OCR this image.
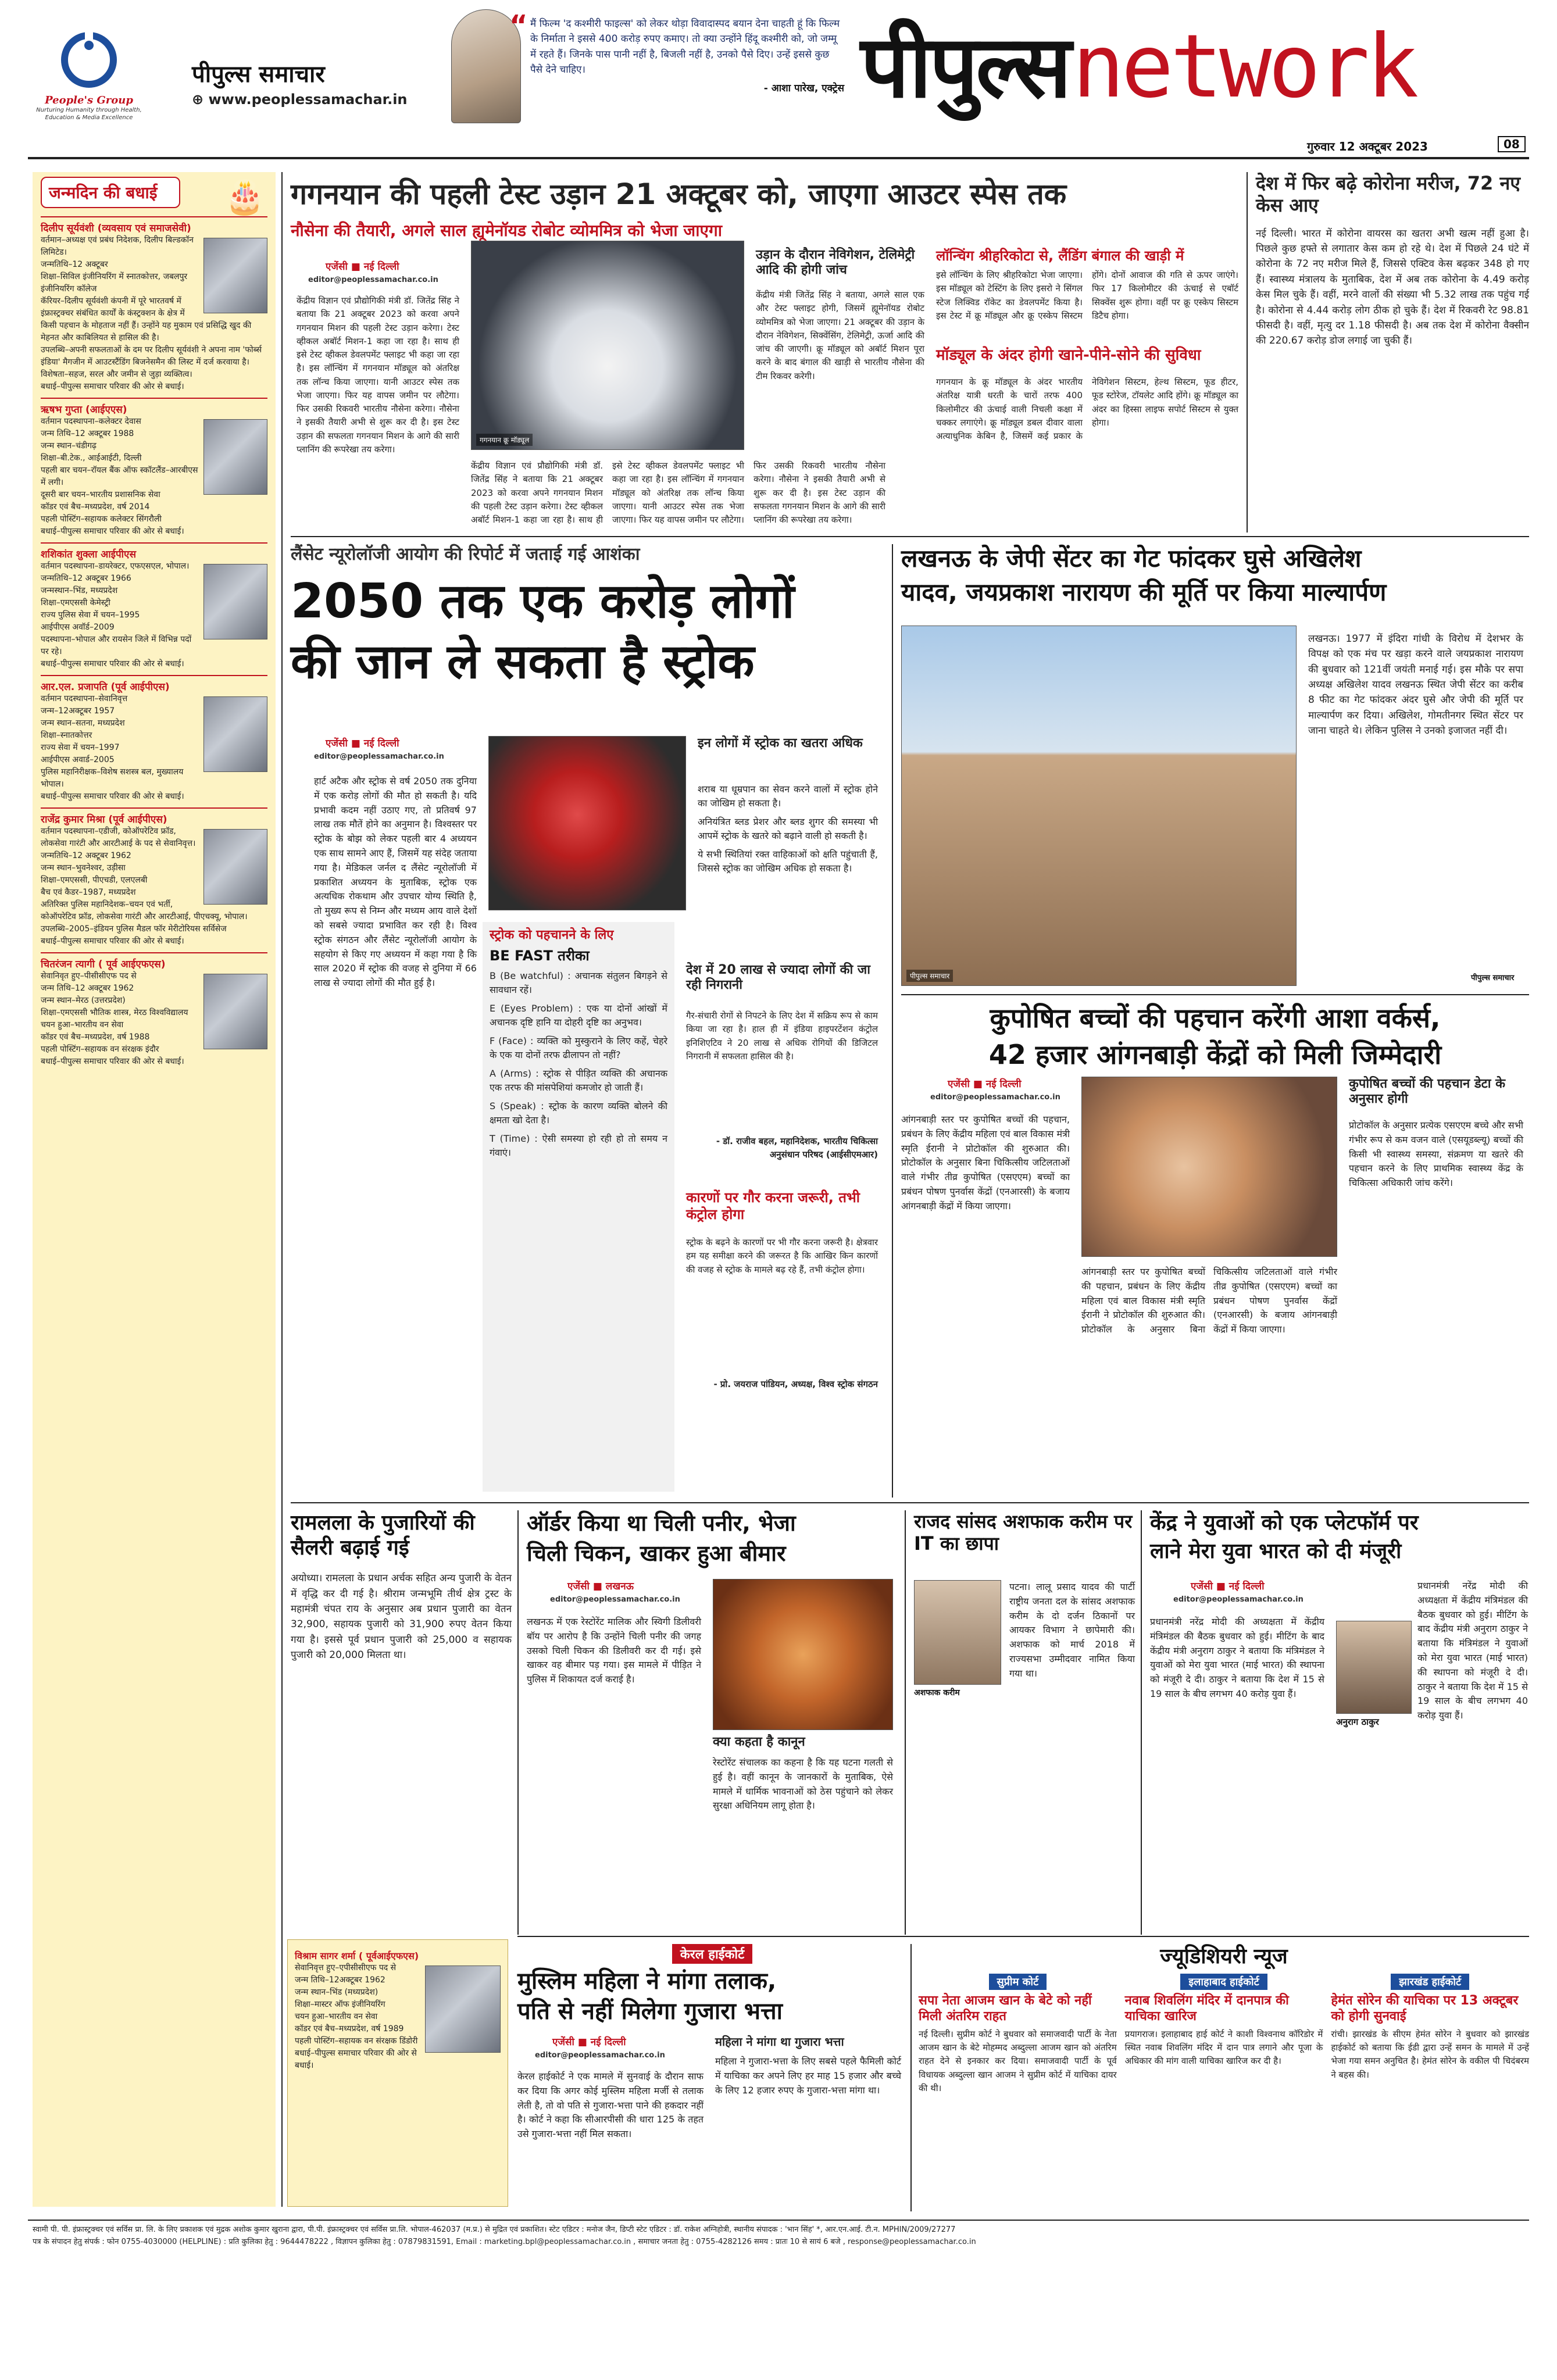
People's Group
Nurturing Humanity through Health, Education & Media Excellence
पीपुल्स समाचार
⊕ www.peoplessamachar.in
“ मैं फिल्म 'द कश्मीरी फाइल्स' को लेकर थोड़ा विवादास्पद बयान देना चाहती हूं कि फिल्म के निर्माता ने इससे 400 करोड़ रुपए कमाए। तो क्या उन्होंने हिंदू कश्मीरी को, जो जम्मू में रहते हैं। जिनके पास पानी नहीं है, बिजली नहीं है, उनको पैसे दिए। उन्हें इससे कुछ पैसे देने चाहिए।
- आशा पारेख, एक्ट्रेस पीपुल्स network
गुरुवार 12 अक्टूबर 2023	08
जन्मदिन की बधाई	🎂
दिलीप सूर्यवंशी (व्यवसाय एवं समाजसेवी)
वर्तमान–अध्यक्ष एवं प्रबंध निदेशक, दिलीप बिल्डकॉन लिमिटेड।
जन्मतिथि–12 अक्टूबर
शिक्षा–सिविल इंजीनियरिंग में स्नातकोत्तर, जबलपुर इंजीनियरिंग कॉलेज
कॅरियर–दिलीप सूर्यवंशी कंपनी में पूरे भारतवर्ष में इंफ्रास्ट्रक्चर संबंधित कार्यों के कंस्ट्रक्शन के क्षेत्र में किसी पहचान के मोहताज नहीं हैं। उन्होंने यह मुकाम एवं प्रसिद्धि खुद की मेहनत और काबिलियत से हासिल की है।
उपलब्धि–अपनी सफलताओं के दम पर दिलीप सूर्यवंशी ने अपना नाम 'फोर्ब्स इंडिया' मैगजीन में आउटस्टैंडिंग बिजनेसमैन की लिस्ट में दर्ज करवाया है।
विशेषता–सहज, सरल और जमीन से जुड़ा व्यक्तित्व।
बधाई–पीपुल्स समाचार परिवार की ओर से बधाई।
ऋषभ गुप्ता (आईएएस)
वर्तमान पदस्थापना–कलेक्टर देवास
जन्म तिथि–12 अक्टूबर 1988
जन्म स्थान–चंडीगढ़
शिक्षा–बी.टेक., आईआईटी, दिल्ली
पहली बार चयन–रॉयल बैंक ऑफ स्कॉटलैंड–आरबीएस में लगी।
दूसरी बार चयन–भारतीय प्रशासनिक सेवा
कॉडर एवं बैच–मध्यप्रदेश, वर्ष 2014
पहली पोस्टिंग–सहायक कलेक्टर सिंगरौली
बधाई–पीपुल्स समाचार परिवार की ओर से बधाई।
शशिकांत शुक्ला आईपीएस
वर्तमान पदस्थापना–डायरेक्टर, एफएसएल, भोपाल।
जन्मतिथि–12 अक्टूबर 1966
जन्मस्थान–भिंड, मध्यप्रदेश
शिक्षा–एमएससी केमेस्ट्री
राज्य पुलिस सेवा में चयन–1995
आईपीएस अवॉर्ड–2009
पदस्थापना–भोपाल और रायसेन जिले में विभिन्न पदों पर रहे।
बधाई–पीपुल्स समाचार परिवार की ओर से बधाई।
आर.एल. प्रजापति (पूर्व आईपीएस)
वर्तमान पदस्थापना–सेवानिवृत्त
जन्म–12अक्टूबर 1957
जन्म स्थान–सतना, मध्यप्रदेश
शिक्षा–स्नातकोत्तर
राज्य सेवा में चयन–1997
आईपीएस अवार्ड–2005
पुलिस महानिरीक्षक–विशेष सशस्त्र बल, मुख्यालय भोपाल।
बधाई–पीपुल्स समाचार परिवार की ओर से बधाई।
राजेंद्र कुमार मिश्रा (पूर्व आईपीएस)
वर्तमान पदस्थापना–एडीजी, कोऑपरेटिव फ्रॉड, लोकसेवा गारंटी और आरटीआई के पद से सेवानिवृत्त।
जन्मतिथि–12 अक्टूबर 1962
जन्म स्थान–भुवनेश्वर, उड़ीसा
शिक्षा–एमएससी, पीएचडी, एलएलबी
बैच एवं कैडर–1987, मध्यप्रदेश
अतिरिक्त पुलिस महानिदेशक–चयन एवं भर्ती, कोऑपरेटिव फ्रॉड, लोकसेवा गारंटी और आरटीआई, पीएचक्यू, भोपाल।
उपलब्धि–2005–इंडियन पुलिस मैडल फॉर मेरीटोरियस सर्विसेज
बधाई–पीपुल्स समाचार परिवार की ओर से बधाई।
चितरंजन त्यागी ( पूर्व आईएफएस)
सेवानिवृत हुए–पीसीसीएफ पद से
जन्म तिथि–12 अक्टूबर 1962
जन्म स्थान–मेरठ (उत्तरप्रदेश)
शिक्षा–एमएससी भौतिक शास्त्र, मेरठ विश्वविद्यालय
चयन हुआ–भारतीय वन सेवा
कॉडर एवं बैच–मध्यप्रदेश, वर्ष 1988
पहली पोस्टिंग–सहायक वन संरक्षक इंदौर
बधाई–पीपुल्स समाचार परिवार की ओर से बधाई।
विश्राम सागर शर्मा ( पूर्वआईएफएस)
सेवानिवृत्त हुए–एपीसीसीएफ पद से
जन्म तिथि–12अक्टूबर 1962
जन्म स्थान–भिंड (मध्यप्रदेश)
शिक्षा–मास्टर ऑफ इंजीनियरिंग
चयन हुआ–भारतीय वन सेवा
कॉडर एवं बैच–मध्यप्रदेश, वर्ष 1989
पहली पोस्टिंग–सहायक वन संरक्षक डिंडोरी
बधाई–पीपुल्स समाचार परिवार की ओर से बधाई।
गगनयान की पहली टेस्ट उड़ान 21 अक्टूबर को, जाएगा आउटर स्पेस तक
नौसेना की तैयारी, अगले साल ह्यूमेनॉयड रोबोट व्योममित्र को भेजा जाएगा
एजेंसी ■ नई दिल्ली
editor@peoplessamachar.co.in
केंद्रीय विज्ञान एवं प्रौद्योगिकी मंत्री डॉ. जितेंद्र सिंह ने बताया कि 21 अक्टूबर 2023 को करवा अपने गगनयान मिशन की पहली टेस्ट उड़ान करेगा। टेस्ट व्हीकल अबॉर्ट मिशन-1 कहा जा रहा है। साथ ही इसे टेस्ट व्हीकल डेवलपमेंट फ्लाइट भी कहा जा रहा है। इस लॉन्चिंग में गगनयान मॉड्यूल को अंतरिक्ष तक लॉन्च किया जाएगा। यानी आउटर स्पेस तक भेजा जाएगा। फिर यह वापस जमीन पर लौटेगा। फिर उसकी रिकवरी भारतीय नौसेना करेगा। नौसेना ने इसकी तैयारी अभी से शुरू कर दी है। इस टेस्ट उड़ान की सफलता गगनयान मिशन के आगे की सारी प्लानिंग की रूपरेखा तय करेगा।
गगनयान क्रू मॉड्यूल
केंद्रीय विज्ञान एवं प्रौद्योगिकी मंत्री डॉ. जितेंद्र सिंह ने बताया कि 21 अक्टूबर 2023 को करवा अपने गगनयान मिशन की पहली टेस्ट उड़ान करेगा। टेस्ट व्हीकल अबॉर्ट मिशन-1 कहा जा रहा है। साथ ही इसे टेस्ट व्हीकल डेवलपमेंट फ्लाइट भी कहा जा रहा है। इस लॉन्चिंग में गगनयान मॉड्यूल को अंतरिक्ष तक लॉन्च किया जाएगा। यानी आउटर स्पेस तक भेजा जाएगा। फिर यह वापस जमीन पर लौटेगा। फिर उसकी रिकवरी भारतीय नौसेना करेगा। नौसेना ने इसकी तैयारी अभी से शुरू कर दी है। इस टेस्ट उड़ान की सफलता गगनयान मिशन के आगे की सारी प्लानिंग की रूपरेखा तय करेगा।
उड़ान के दौरान नेविगेशन, टेलिमेट्री आदि की होगी जांच
केंद्रीय मंत्री जितेंद्र सिंह ने बताया, अगले साल एक और टेस्ट फ्लाइट होगी, जिसमें ह्यूमेनॉयड रोबोट व्योममित्र को भेजा जाएगा। 21 अक्टूबर की उड़ान के दौरान नेविगेशन, सिक्वेंसिंग, टेलिमेट्री, ऊर्जा आदि की जांच की जाएगी। क्रू मॉड्यूल को अबॉर्ट मिशन पूरा करने के बाद बंगाल की खाड़ी से भारतीय नौसेना की टीम रिकवर करेगी।
लॉन्चिंग श्रीहरिकोटा से, लैंडिंग बंगाल की खाड़ी में
इसे लॉन्चिंग के लिए श्रीहरिकोटा भेजा जाएगा। इस मॉड्यूल को टेस्टिंग के लिए इसरो ने सिंगल स्टेज लिक्विड रॉकेट का डेवलपमेंट किया है। इस टेस्ट में क्रू मॉड्यूल और क्रू एस्केप सिस्टम होंगे। दोनों आवाज की गति से ऊपर जाएंगे। फिर 17 किलोमीटर की ऊंचाई से एबॉर्ट सिक्वेंस शुरू होगा। वहीं पर क्रू एस्केप सिस्टम डिटैच होगा।
मॉड्यूल के अंदर होगी खाने-पीने-सोने की सुविधा
गगनयान के क्रू मॉड्यूल के अंदर भारतीय अंतरिक्ष यात्री धरती के चारों तरफ 400 किलोमीटर की ऊंचाई वाली निचली कक्षा में चक्कर लगाएंगे। क्रू मॉड्यूल डबल दीवार वाला अत्याधुनिक केबिन है, जिसमें कई प्रकार के नेविगेशन सिस्टम, हेल्थ सिस्टम, फूड हीटर, फूड स्टोरेज, टॉयलेट आदि होंगे। क्रू मॉड्यूल का अंदर का हिस्सा लाइफ सपोर्ट सिस्टम से युक्त होगा।
देश में फिर बढ़े कोरोना मरीज, 72 नए केस आए
नई दिल्ली। भारत में कोरोना वायरस का खतरा अभी खत्म नहीं हुआ है। पिछले कुछ हफ्ते से लगातार केस कम हो रहे थे। देश में पिछले 24 घंटे में कोरोना के 72 नए मरीज मिले हैं, जिससे एक्टिव केस बढ़कर 348 हो गए हैं। स्वास्थ्य मंत्रालय के मुताबिक, देश में अब तक कोरोना के 4.49 करोड़ केस मिल चुके हैं। वहीं, मरने वालों की संख्या भी 5.32 लाख तक पहुंच गई है। कोरोना से 4.44 करोड़ लोग ठीक हो चुके हैं। देश में रिकवरी रेट 98.81 फीसदी है। वहीं, मृत्यु दर 1.18 फीसदी है। अब तक देश में कोरोना वैक्सीन की 220.67 करोड़ डोज लगाई जा चुकी हैं।
लैंसेट न्यूरोलॉजी आयोग की रिपोर्ट में जताई गई आशंका
2050 तक एक करोड़ लोगों
की जान ले सकता है स्ट्रोक
एजेंसी ■ नई दिल्ली
editor@peoplessamachar.co.in
हार्ट अटैक और स्ट्रोक से वर्ष 2050 तक दुनिया में एक करोड़ लोगों की मौत हो सकती है। यदि प्रभावी कदम नहीं उठाए गए, तो प्रतिवर्ष 97 लाख तक मौतें होने का अनुमान है। विश्वस्तर पर स्ट्रोक के बोझ को लेकर पहली बार 4 अध्ययन एक साथ सामने आए हैं, जिसमें यह संदेह जताया गया है। मेडिकल जर्नल द लैंसेट न्यूरोलॉजी में प्रकाशित अध्ययन के मुताबिक, स्ट्रोक एक अत्यधिक रोकथाम और उपचार योग्य स्थिति है, तो मुख्य रूप से निम्न और मध्यम आय वाले देशों को सबसे ज्यादा प्रभावित कर रही है। विश्व स्ट्रोक संगठन और लैंसेट न्यूरोलॉजी आयोग के सहयोग से किए गए अध्ययन में कहा गया है कि साल 2020 में स्ट्रोक की वजह से दुनिया में 66 लाख से ज्यादा लोगों की मौत हुई है।
इन लोगों में स्ट्रोक का खतरा अधिक
शराब या धूम्रपान का सेवन करने वालों में स्ट्रोक होने का जोखिम हो सकता है।
अनियंत्रित ब्लड प्रेशर और ब्लड शुगर की समस्या भी आपमें स्ट्रोक के खतरे को बढ़ाने वाली हो सकती है।
ये सभी स्थितियां रक्त वाहिकाओं को क्षति पहुंचाती हैं, जिससे स्ट्रोक का जोखिम अधिक हो सकता है।
स्ट्रोक को पहचानने के लिए
BE FAST तरीका
B (Be watchful) : अचानक संतुलन बिगड़ने से सावधान रहें।
E (Eyes Problem) : एक या दोनों आंखों में अचानक दृष्टि हानि या दोहरी दृष्टि का अनुभव।
F (Face) : व्यक्ति को मुस्कुराने के लिए कहें, चेहरे के एक या दोनों तरफ ढीलापन तो नहीं?
A (Arms) : स्ट्रोक से पीड़ित व्यक्ति की अचानक एक तरफ की मांसपेशियां कमजोर हो जाती हैं।
S (Speak) : स्ट्रोक के कारण व्यक्ति बोलने की क्षमता खो देता है।
T (Time) : ऐसी समस्या हो रही हो तो समय न गंवाएं।
देश में 20 लाख से ज्यादा लोगों की जा रही निगरानी
गैर-संचारी रोगों से निपटने के लिए देश में सक्रिय रूप से काम किया जा रहा है। हाल ही में इंडिया हाइपरटेंशन कंट्रोल इनिशिएटिव ने 20 लाख से अधिक रोगियों की डिजिटल निगरानी में सफलता हासिल की है।
- डॉ. राजीव बहल, महानिदेशक, भारतीय चिकित्सा अनुसंधान परिषद (आईसीएमआर)
कारणों पर गौर करना जरूरी, तभी कंट्रोल होगा
स्ट्रोक के बढ़ने के कारणों पर भी गौर करना जरूरी है। क्षेत्रवार हम यह समीक्षा करने की जरूरत है कि आखिर किन कारणों की वजह से स्ट्रोक के मामले बढ़ रहे हैं, तभी कंट्रोल होगा।
- प्रो. जयराज पांडियन, अध्यक्ष, विश्व स्ट्रोक संगठन
लखनऊ के जेपी सेंटर का गेट फांदकर घुसे अखिलेश
यादव, जयप्रकाश नारायण की मूर्ति पर किया माल्यार्पण
पीपुल्स समाचार
लखनऊ। 1977 में इंदिरा गांधी के विरोध में देशभर के विपक्ष को एक मंच पर खड़ा करने वाले जयप्रकाश नारायण की बुधवार को 121वीं जयंती मनाई गई। इस मौके पर सपा अध्यक्ष अखिलेश यादव लखनऊ स्थित जेपी सेंटर का करीब 8 फीट का गेट फांदकर अंदर घुसे और जेपी की मूर्ति पर माल्यार्पण कर दिया। अखिलेश, गोमतीनगर स्थित सेंटर पर जाना चाहते थे। लेकिन पुलिस ने उनको इजाजत नहीं दी।
पीपुल्स समाचार
कुपोषित बच्चों की पहचान करेंगी आशा वर्कर्स,
42 हजार आंगनबाड़ी केंद्रों को मिली जिम्मेदारी
एजेंसी ■ नई दिल्ली
editor@peoplessamachar.co.in
आंगनबाड़ी स्तर पर कुपोषित बच्चों की पहचान, प्रबंधन के लिए केंद्रीय महिला एवं बाल विकास मंत्री स्मृति ईरानी ने प्रोटोकॉल की शुरुआत की। प्रोटोकॉल के अनुसार बिना चिकित्सीय जटिलताओं वाले गंभीर तीव्र कुपोषित (एसएएम) बच्चों का प्रबंधन पोषण पुनर्वास केंद्रों (एनआरसी) के बजाय आंगनबाड़ी केंद्रों में किया जाएगा।
आंगनबाड़ी स्तर पर कुपोषित बच्चों की पहचान, प्रबंधन के लिए केंद्रीय महिला एवं बाल विकास मंत्री स्मृति ईरानी ने प्रोटोकॉल की शुरुआत की। प्रोटोकॉल के अनुसार बिना चिकित्सीय जटिलताओं वाले गंभीर तीव्र कुपोषित (एसएएम) बच्चों का प्रबंधन पोषण पुनर्वास केंद्रों (एनआरसी) के बजाय आंगनबाड़ी केंद्रों में किया जाएगा।
कुपोषित बच्चों की पहचान डेटा के अनुसार होगी
प्रोटोकॉल के अनुसार प्रत्येक एसएएम बच्चे और सभी गंभीर रूप से कम वजन वाले (एसयूडब्ल्यू) बच्चों की किसी भी स्वास्थ्य समस्या, संक्रमण या खतरे की पहचान करने के लिए प्राथमिक स्वास्थ्य केंद्र के चिकित्सा अधिकारी जांच करेंगे।
रामलला के पुजारियों की सैलरी बढ़ाई गई
अयोध्या। रामलला के प्रधान अर्चक सहित अन्य पुजारी के वेतन में वृद्धि कर दी गई है। श्रीराम जन्मभूमि तीर्थ क्षेत्र ट्रस्ट के महामंत्री चंपत राय के अनुसार अब प्रधान पुजारी का वेतन 32,900, सहायक पुजारी को 31,900 रुपए वेतन किया गया है। इससे पूर्व प्रधान पुजारी को 25,000 व सहायक पुजारी को 20,000 मिलता था।
ऑर्डर किया था चिली पनीर, भेजा
चिली चिकन, खाकर हुआ बीमार
एजेंसी ■ लखनऊ
editor@peoplessamachar.co.in
लखनऊ में एक रेस्टोरेंट मालिक और स्विगी डिलीवरी बॉय पर आरोप है कि उन्होंने चिली पनीर की जगह उसको चिली चिकन की डिलीवरी कर दी गई। इसे खाकर वह बीमार पड़ गया। इस मामले में पीड़ित ने पुलिस में शिकायत दर्ज कराई है।
क्या कहता है कानून
रेस्टोरेंट संचालक का कहना है कि यह घटना गलती से हुई है। वहीं कानून के जानकारों के मुताबिक, ऐसे मामले में धार्मिक भावनाओं को ठेस पहुंचाने को लेकर सुरक्षा अधिनियम लागू होता है।
राजद सांसद अशफाक करीम पर IT का छापा
अशफाक करीम
पटना। लालू प्रसाद यादव की पार्टी राष्ट्रीय जनता दल के सांसद अशफाक करीम के दो दर्जन ठिकानों पर आयकर विभाग ने छापेमारी की। अशफाक को मार्च 2018 में राज्यसभा उम्मीदवार नामित किया गया था।
केंद्र ने युवाओं को एक प्लेटफॉर्म पर
लाने मेरा युवा भारत को दी मंजूरी
एजेंसी ■ नई दिल्ली
editor@peoplessamachar.co.in
प्रधानमंत्री नरेंद्र मोदी की अध्यक्षता में केंद्रीय मंत्रिमंडल की बैठक बुधवार को हुई। मीटिंग के बाद केंद्रीय मंत्री अनुराग ठाकुर ने बताया कि मंत्रिमंडल ने युवाओं को मेरा युवा भारत (माई भारत) की स्थापना को मंजूरी दे दी। ठाकुर ने बताया कि देश में 15 से 19 साल के बीच लगभग 40 करोड़ युवा हैं।
अनुराग ठाकुर
प्रधानमंत्री नरेंद्र मोदी की अध्यक्षता में केंद्रीय मंत्रिमंडल की बैठक बुधवार को हुई। मीटिंग के बाद केंद्रीय मंत्री अनुराग ठाकुर ने बताया कि मंत्रिमंडल ने युवाओं को मेरा युवा भारत (माई भारत) की स्थापना को मंजूरी दे दी। ठाकुर ने बताया कि देश में 15 से 19 साल के बीच लगभग 40 करोड़ युवा हैं।
केरल हाईकोर्ट
मुस्लिम महिला ने मांगा तलाक,
पति से नहीं मिलेगा गुजारा भत्ता
एजेंसी ■ नई दिल्ली
editor@peoplessamachar.co.in
केरल हाईकोर्ट ने एक मामले में सुनवाई के दौरान साफ कर दिया कि अगर कोई मुस्लिम महिला मर्जी से तलाक लेती है, तो वो पति से गुजारा-भत्ता पाने की हकदार नहीं है। कोर्ट ने कहा कि सीआरपीसी की धारा 125 के तहत उसे गुजारा-भत्ता नहीं मिल सकता।
महिला ने मांगा था गुजारा भत्ता
महिला ने गुजारा-भत्ता के लिए सबसे पहले फैमिली कोर्ट में याचिका कर अपने लिए हर माह 15 हजार और बच्चे के लिए 12 हजार रुपए के गुजारा-भत्ता मांगा था।
ज्यूडिशियरी न्यूज
सुप्रीम कोर्ट
सपा नेता आजम खान के बेटे को नहीं मिली अंतरिम राहत
नई दिल्ली। सुप्रीम कोर्ट ने बुधवार को समाजवादी पार्टी के नेता आजम खान के बेटे मोहम्मद अब्दुल्ला आजम खान को अंतरिम राहत देने से इनकार कर दिया। समाजवादी पार्टी के पूर्व विधायक अब्दुल्ला खान आजम ने सुप्रीम कोर्ट में याचिका दायर की थी।
इलाहाबाद हाईकोर्ट
नवाब शिवलिंग मंदिर में दानपात्र की याचिका खारिज
प्रयागराज। इलाहाबाद हाई कोर्ट ने काशी विश्वनाथ कॉरिडोर में स्थित नवाब शिवलिंग मंदिर में दान पात्र लगाने और पूजा के अधिकार की मांग वाली याचिका खारिज कर दी है।
झारखंड हाईकोर्ट
हेमंत सोरेन की याचिका पर 13 अक्टूबर को होगी सुनवाई
रांची। झारखंड के सीएम हेमंत सोरेन ने बुधवार को झारखंड हाईकोर्ट को बताया कि ईडी द्वारा उन्हें समन के मामले में उन्हें भेजा गया समन अनुचित है। हेमंत सोरेन के वकील पी चिदंबरम ने बहस की।
स्वामी पी. पी. इंफ्रास्ट्रक्चर एवं सर्विस प्रा. लि. के लिए प्रकाशक एवं मुद्रक अशोक कुमार खुराना द्वारा, पी.पी. इंफ्रास्ट्रक्चर एवं सर्विस प्रा.लि. भोपाल-462037 (म.प्र.) से मुद्रित एवं प्रकाशित। स्टेट एडिटर : मनोज जैन, डिप्टी स्टेट एडिटर : डॉ. राकेश अग्निहोत्री, स्थानीय संपादक : 'भान सिंह' *, आर.एन.आई. टी.न. MPHIN/2009/27277
पत्र के संपादन हेतु संपर्क : फोन 0755-4030000 (HELPLINE) : प्रति कुलिका हेतु : 9644478222 , विज्ञापन कुलिका हेतु : 07879831591, Email : marketing.bpl@peoplessamachar.co.in , समाचार जनता हेतु : 0755-4282126 समय : प्रातः 10 से सायं 6 बजे , response@peoplessamachar.co.in
